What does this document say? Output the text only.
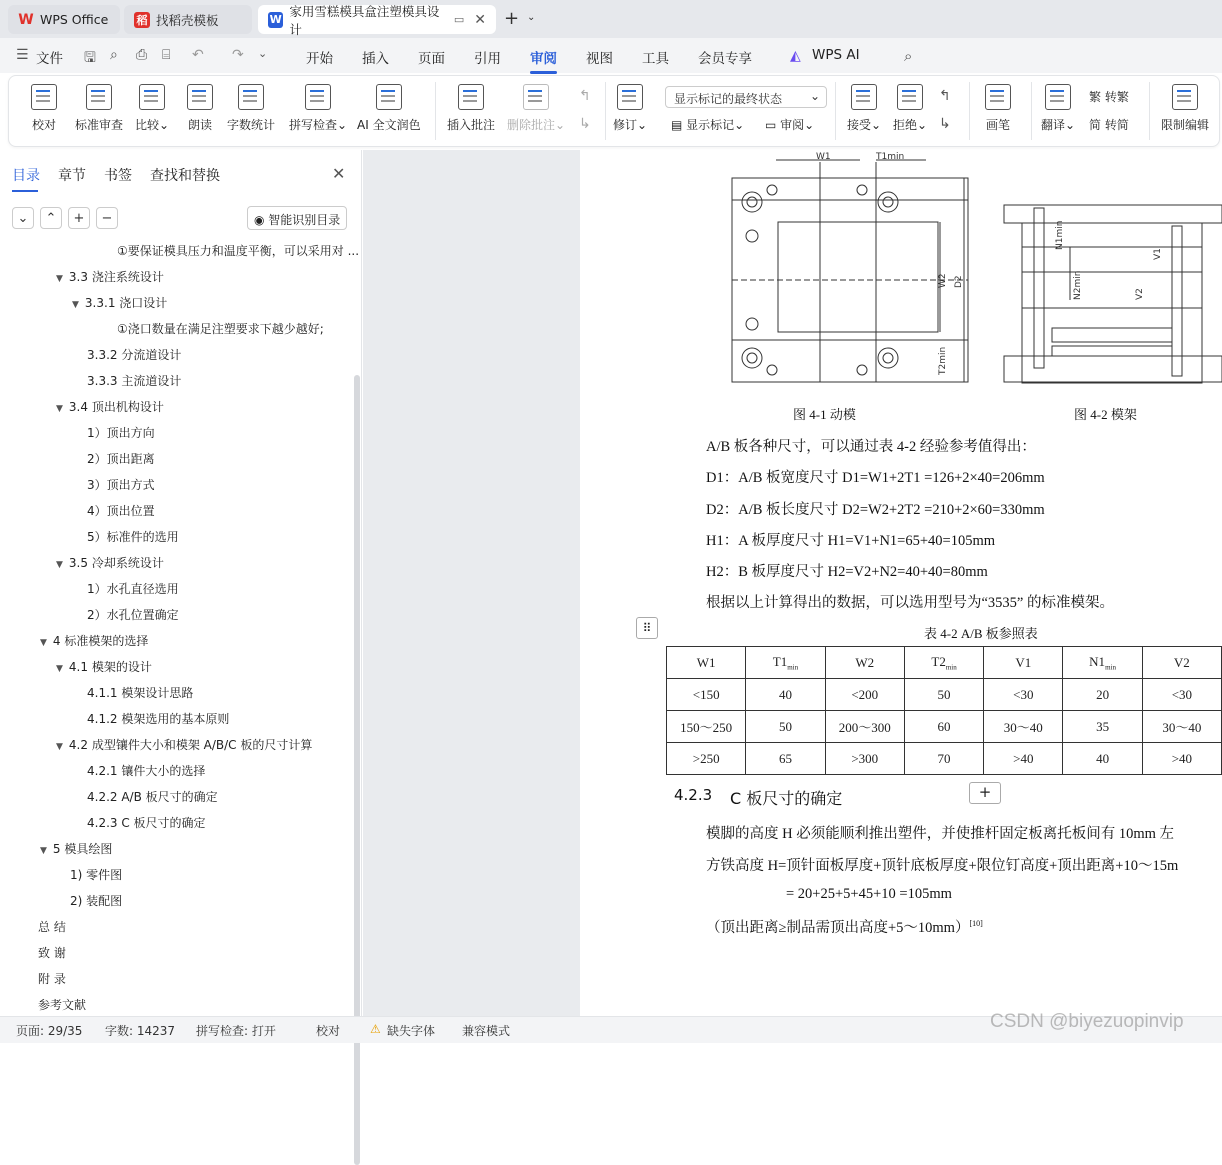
W WPS Office	稻 找稻壳模板	W
家用雪糕模具盒注塑模具设计
▭ ✕ + ⌄
☰ 文件 🖫 ⌕ ⎙ ⌸ ↶ ↷ ⌄	开始 插入 页面 引用 审阅 视图 工具 会员专享	◭ WPS AI	⌕
校对 标准审查 比较⌄ 朗读 字数统计 拼写检查⌄ AI 全文润色 插入批注 删除批注⌄
↰
↳ 修订⌄
显示标记的最终状态 ⌄
▤ 显示标记⌄ ▭ 审阅⌄	接受⌄ 拒绝⌄
↰
↳	画笔	翻译⌄
繁 转繁
简 转简	限制编辑
目录 章节 书签 查找和替换	✕
⌄ ⌃ + −	◉ 智能识别目录
①要保证模具压力和温度平衡，可以采用对 ...
▼ 3.3 浇注系统设计
▼ 3.3.1 浇口设计
①浇口数量在满足注塑要求下越少越好;
3.3.2 分流道设计
3.3.3 主流道设计
▼ 3.4 顶出机构设计
1）顶出方向
2）顶出距离
3）顶出方式
4）顶出位置
5）标准件的选用
▼ 3.5 冷却系统设计
1）水孔直径选用
2）水孔位置确定
▼ 4 标准模架的选择
▼ 4.1 模架的设计
4.1.1 模架设计思路
4.1.2 模架选用的基本原则
▼ 4.2 成型镶件大小和模架 A/B/C 板的尺寸计算
4.2.1 镶件大小的选择
4.2.2 A/B 板尺寸的确定
4.2.3 C 板尺寸的确定
▼ 5 模具绘图
1) 零件图
2) 装配图
总 结
致 谢
附 录
参考文献
W1	T1min
W2 D2
T2min
N1min
V1
N2min	V2
图 4-1 动模	图 4-2 模架
A/B 板各种尺寸，可以通过表 4-2 经验参考值得出：
D1：A/B 板宽度尺寸 D1=W1+2T1 =126+2×40=206mm
D2：A/B 板长度尺寸 D2=W2+2T2 =210+2×60=330mm
H1：A 板厚度尺寸 H1=V1+N1=65+40=105mm
H2：B 板厚度尺寸 H2=V2+N2=40+40=80mm
根据以上计算得出的数据，可以选用型号为“3535” 的标准模架。
⠿	表 4-2 A/B 板参照表
W1	$T1_{min}$	W2	$T2_{min}$	V1	$N1_{min}$	V2
<150	40	<200	50	<30	20	<30
150～250	50	200～300	60	30～40	35	30～40
>250	65	>300	70	>40	40	>40
4.2.3 C 板尺寸的确定	+
模脚的高度 H 必须能顺利推出塑件，并使推杆固定板离托板间有 10mm 左
方铁高度 H=顶针面板厚度+顶针底板厚度+限位钉高度+顶出距离+10～15m
= 20+25+5+45+10 =105mm
（顶出距离≥制品需顶出高度+5～10mm）[10]
页面: 29/35 字数: 14237 拼写检查: 打开	校对 ⚠ 缺失字体 兼容模式	CSDN @biyezuopinvip
